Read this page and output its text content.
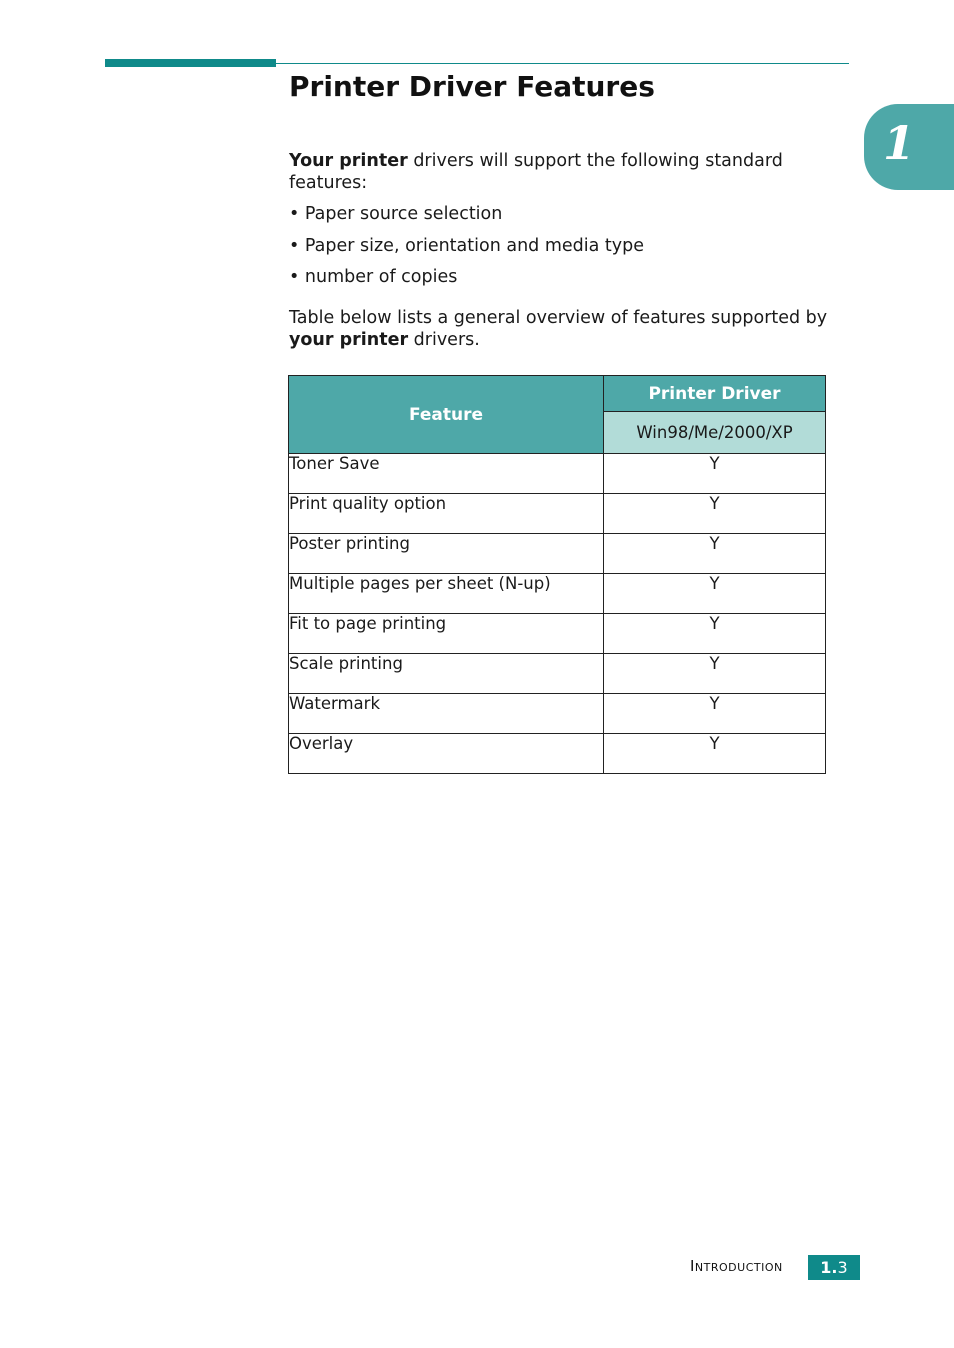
Printer Driver Features
1

Your printer drivers will support the following standard features:

• Paper source selection

• Paper size, orientation and media type

• number of copies

Table below lists a general overview of features supported by your printer drivers.

Feature	Printer Driver
	Win98/Me/2000/XP
Toner Save	Y
Print quality option	Y
Poster printing	Y
Multiple pages per sheet (N-up)	Y
Fit to page printing	Y
Scale printing	Y
Watermark	Y
Overlay	Y
Introduction	1.3
